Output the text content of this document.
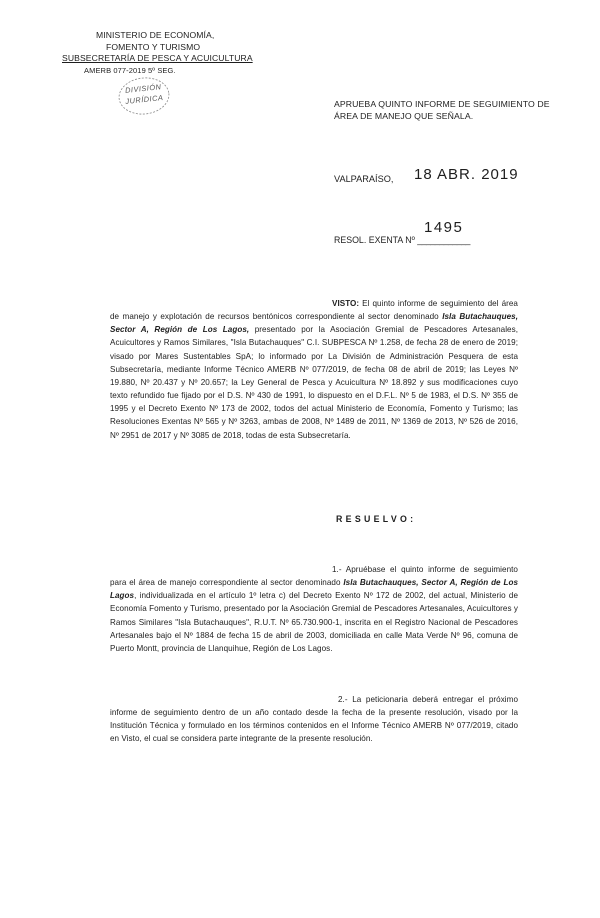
MINISTERIO DE ECONOMÍA,
FOMENTO Y TURISMO
SUBSECRETARÍA DE PESCA Y ACUICULTURA
AMERB 077-2019 5º SEG.
DIVISIÓN
JURÍDICA	APRUEBA QUINTO INFORME DE SEGUIMIENTO DE ÁREA DE MANEJO QUE SEÑALA.
VALPARAÍSO, 18 ABR. 2019
RESOL. EXENTA Nº ____________
1495
VISTO: El quinto informe de seguimiento del área de manejo y explotación de recursos bentónicos correspondiente al sector denominado Isla Butachauques, Sector A, Región de Los Lagos, presentado por la Asociación Gremial de Pescadores Artesanales, Acuicultores y Ramos Similares, "Isla Butachauques" C.I. SUBPESCA Nº 1.258, de fecha 28 de enero de 2019; visado por Mares Sustentables SpA; lo informado por La División de Administración Pesquera de esta Subsecretaría, mediante Informe Técnico AMERB Nº 077/2019, de fecha 08 de abril de 2019; las Leyes Nº 19.880, Nº 20.437 y Nº 20.657; la Ley General de Pesca y Acuicultura Nº 18.892 y sus modificaciones cuyo texto refundido fue fijado por el D.S. Nº 430 de 1991, lo dispuesto en el D.F.L. Nº 5 de 1983, el D.S. Nº 355 de 1995 y el Decreto Exento Nº 173 de 2002, todos del actual Ministerio de Economía, Fomento y Turismo; las Resoluciones Exentas Nº 565 y Nº 3263, ambas de 2008, Nº 1489 de 2011, Nº 1369 de 2013, Nº 526 de 2016, Nº 2951 de 2017 y Nº 3085 de 2018, todas de esta Subsecretaría.
RESUELVO:
1.- Apruébase el quinto informe de seguimiento para el área de manejo correspondiente al sector denominado Isla Butachauques, Sector A, Región de Los Lagos, individualizada en el artículo 1º letra c) del Decreto Exento Nº 172 de 2002, del actual, Ministerio de Economía Fomento y Turismo, presentado por la Asociación Gremial de Pescadores Artesanales, Acuicultores y Ramos Similares "Isla Butachauques", R.U.T. Nº 65.730.900-1, inscrita en el Registro Nacional de Pescadores Artesanales bajo el Nº 1884 de fecha 15 de abril de 2003, domiciliada en calle Mata Verde Nº 96, comuna de Puerto Montt, provincia de Llanquihue, Región de Los Lagos.
2.- La peticionaria deberá entregar el próximo informe de seguimiento dentro de un año contado desde la fecha de la presente resolución, visado por la Institución Técnica y formulado en los términos contenidos en el Informe Técnico AMERB Nº 077/2019, citado en Visto, el cual se considera parte integrante de la presente resolución.
